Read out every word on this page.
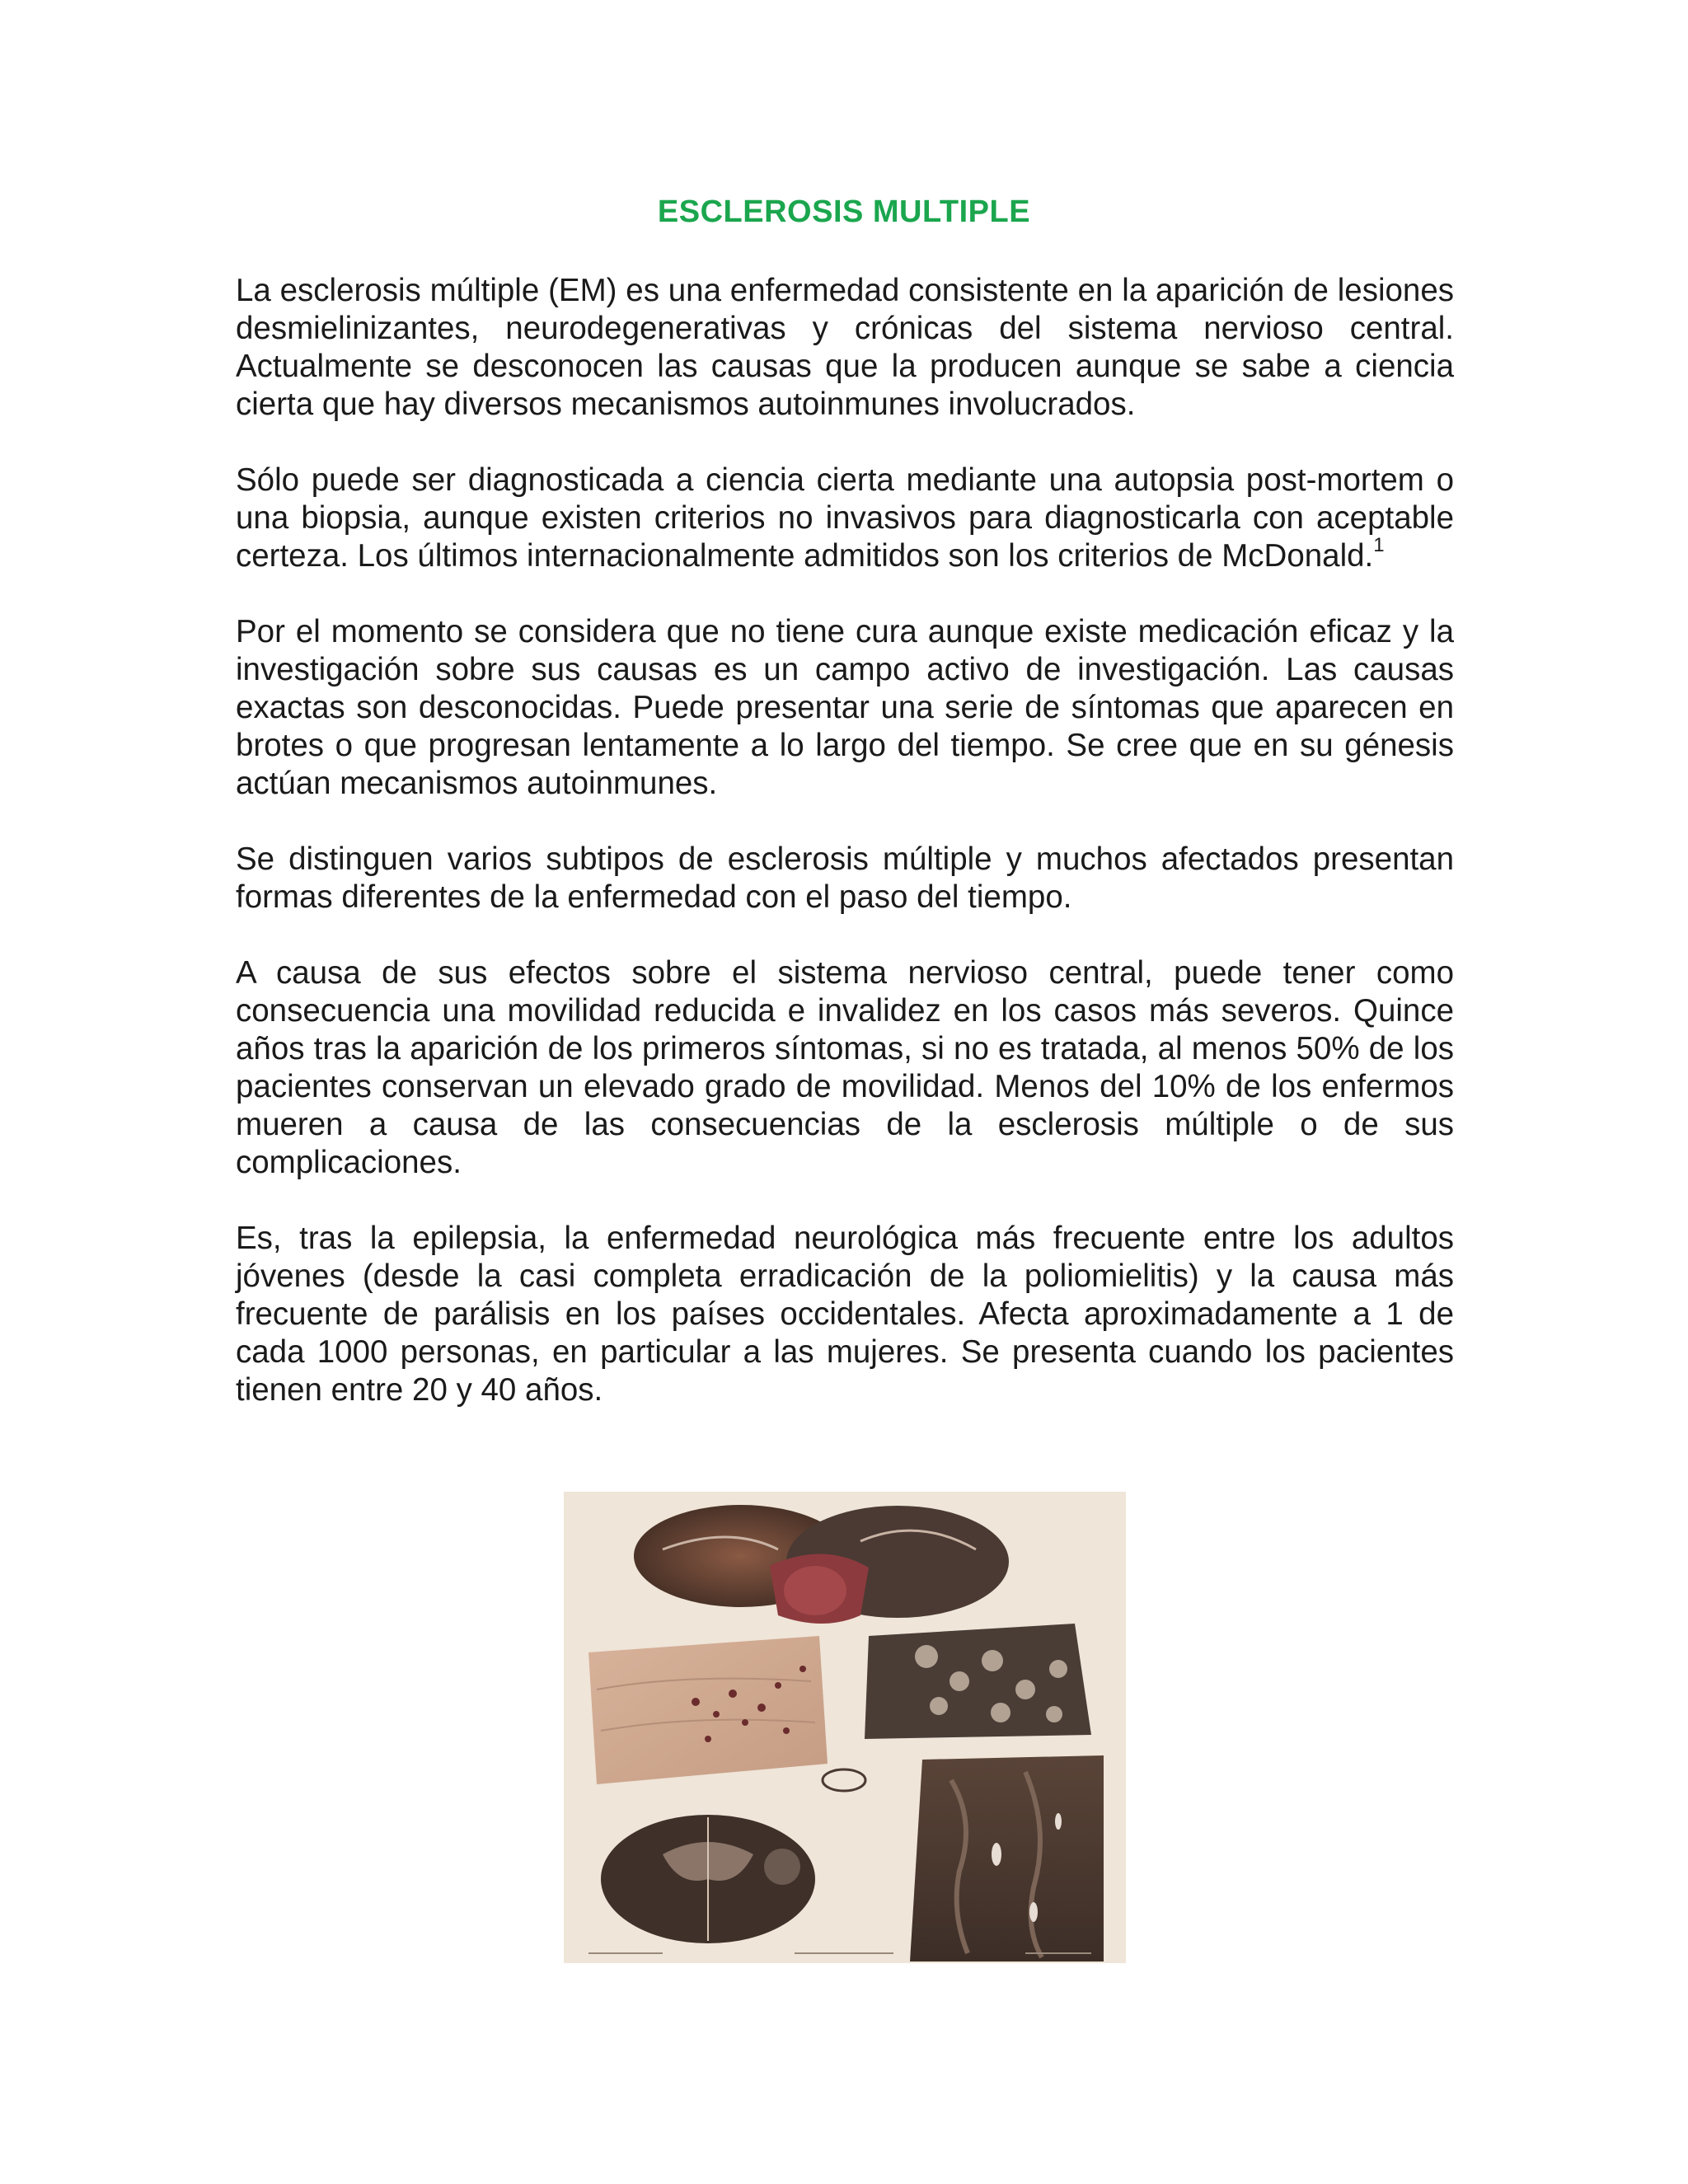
ESCLEROSIS MULTIPLE

La esclerosis múltiple (EM) es una enfermedad consistente en la aparición de lesiones desmielinizantes, neurodegenerativas y crónicas del sistema nervioso central. Actualmente se desconocen las causas que la producen aunque se sabe a ciencia cierta que hay diversos mecanismos autoinmunes involucrados.

Sólo puede ser diagnosticada a ciencia cierta mediante una autopsia post-mortem o una biopsia, aunque existen criterios no invasivos para diagnosticarla con aceptable certeza. Los últimos internacionalmente admitidos son los criterios de McDonald.$^1$

Por el momento se considera que no tiene cura aunque existe medicación eficaz y la investigación sobre sus causas es un campo activo de investigación. Las causas exactas son desconocidas. Puede presentar una serie de síntomas que aparecen en brotes o que progresan lentamente a lo largo del tiempo. Se cree que en su génesis actúan mecanismos autoinmunes.

Se distinguen varios subtipos de esclerosis múltiple y muchos afectados presentan formas diferentes de la enfermedad con el paso del tiempo.

A causa de sus efectos sobre el sistema nervioso central, puede tener como consecuencia una movilidad reducida e invalidez en los casos más severos. Quince años tras la aparición de los primeros síntomas, si no es tratada, al menos 50% de los pacientes conservan un elevado grado de movilidad. Menos del 10% de los enfermos mueren a causa de las consecuencias de la esclerosis múltiple o de sus complicaciones.

Es, tras la epilepsia, la enfermedad neurológica más frecuente entre los adultos jóvenes (desde la casi completa erradicación de la poliomielitis) y la causa más frecuente de parálisis en los países occidentales. Afecta aproximadamente a 1 de cada 1000 personas, en particular a las mujeres. Se presenta cuando los pacientes tienen entre 20 y 40 años.
